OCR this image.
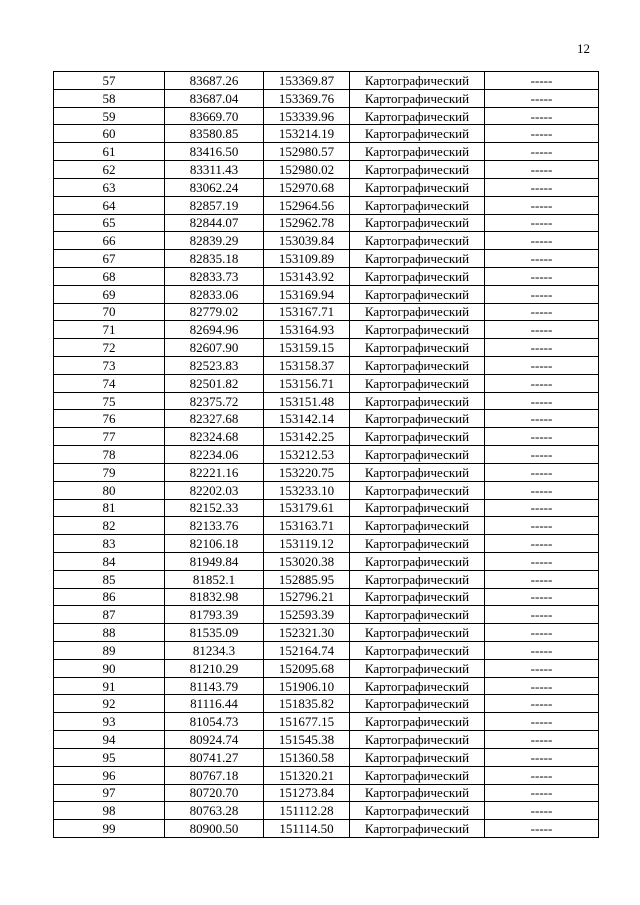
12
57	83687.26	153369.87	Картографический	-----
58	83687.04	153369.76	Картографический	-----
59	83669.70	153339.96	Картографический	-----
60	83580.85	153214.19	Картографический	-----
61	83416.50	152980.57	Картографический	-----
62	83311.43	152980.02	Картографический	-----
63	83062.24	152970.68	Картографический	-----
64	82857.19	152964.56	Картографический	-----
65	82844.07	152962.78	Картографический	-----
66	82839.29	153039.84	Картографический	-----
67	82835.18	153109.89	Картографический	-----
68	82833.73	153143.92	Картографический	-----
69	82833.06	153169.94	Картографический	-----
70	82779.02	153167.71	Картографический	-----
71	82694.96	153164.93	Картографический	-----
72	82607.90	153159.15	Картографический	-----
73	82523.83	153158.37	Картографический	-----
74	82501.82	153156.71	Картографический	-----
75	82375.72	153151.48	Картографический	-----
76	82327.68	153142.14	Картографический	-----
77	82324.68	153142.25	Картографический	-----
78	82234.06	153212.53	Картографический	-----
79	82221.16	153220.75	Картографический	-----
80	82202.03	153233.10	Картографический	-----
81	82152.33	153179.61	Картографический	-----
82	82133.76	153163.71	Картографический	-----
83	82106.18	153119.12	Картографический	-----
84	81949.84	153020.38	Картографический	-----
85	81852.1	152885.95	Картографический	-----
86	81832.98	152796.21	Картографический	-----
87	81793.39	152593.39	Картографический	-----
88	81535.09	152321.30	Картографический	-----
89	81234.3	152164.74	Картографический	-----
90	81210.29	152095.68	Картографический	-----
91	81143.79	151906.10	Картографический	-----
92	81116.44	151835.82	Картографический	-----
93	81054.73	151677.15	Картографический	-----
94	80924.74	151545.38	Картографический	-----
95	80741.27	151360.58	Картографический	-----
96	80767.18	151320.21	Картографический	-----
97	80720.70	151273.84	Картографический	-----
98	80763.28	151112.28	Картографический	-----
99	80900.50	151114.50	Картографический	-----
